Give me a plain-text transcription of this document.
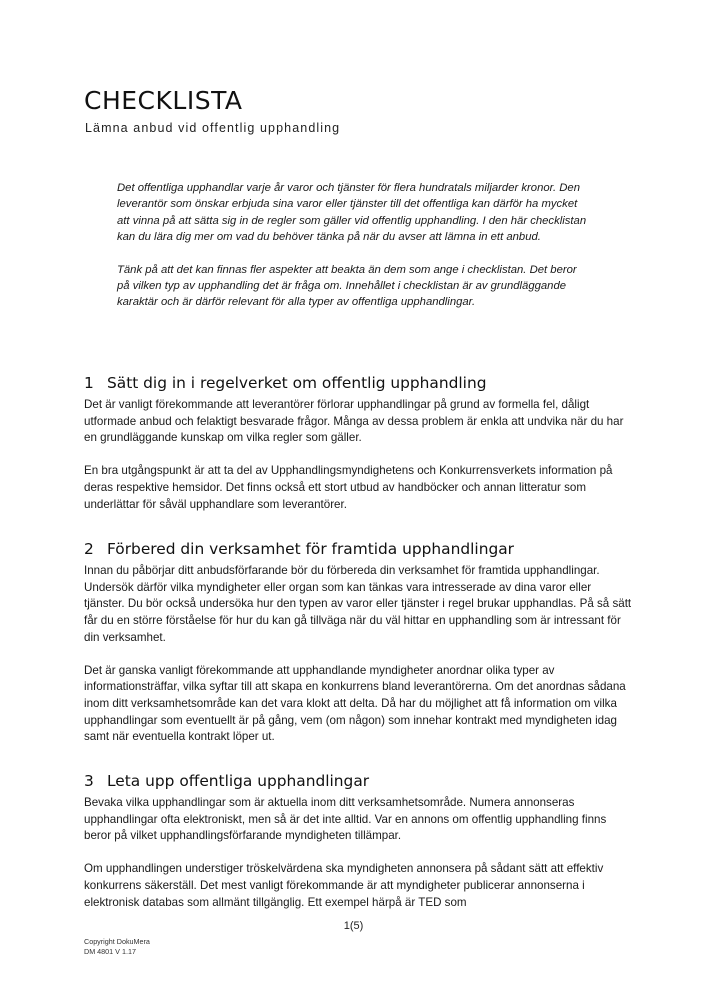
CHECKLISTA
Lämna anbud vid offentlig upphandling

Det offentliga upphandlar varje år varor och tjänster för flera hundratals miljarder kronor. Den leverantör som önskar erbjuda sina varor eller tjänster till det offentliga kan därför ha mycket att vinna på att sätta sig in de regler som gäller vid offentlig upphandling. I den här checklistan kan du lära dig mer om vad du behöver tänka på när du avser att lämna in ett anbud.

Tänk på att det kan finnas fler aspekter att beakta än dem som ange i checklistan. Det beror på vilken typ av upphandling det är fråga om. Innehållet i checklistan är av grundläggande karaktär och är därför relevant för alla typer av offentliga upphandlingar.

1 Sätt dig in i regelverket om offentlig upphandling

Det är vanligt förekommande att leverantörer förlorar upphandlingar på grund av formella fel, dåligt utformade anbud och felaktigt besvarade frågor. Många av dessa problem är enkla att undvika när du har en grundläggande kunskap om vilka regler som gäller.

En bra utgångspunkt är att ta del av Upphandlingsmyndighetens och Konkurrensverkets information på deras respektive hemsidor. Det finns också ett stort utbud av handböcker och annan litteratur som underlättar för såväl upphandlare som leverantörer.

2 Förbered din verksamhet för framtida upphandlingar

Innan du påbörjar ditt anbudsförfarande bör du förbereda din verksamhet för framtida upphandlingar. Undersök därför vilka myndigheter eller organ som kan tänkas vara intresserade av dina varor eller tjänster. Du bör också undersöka hur den typen av varor eller tjänster i regel brukar upphandlas. På så sätt får du en större förståelse för hur du kan gå tillväga när du väl hittar en upphandling som är intressant för din verksamhet.

Det är ganska vanligt förekommande att upphandlande myndigheter anordnar olika typer av informationsträffar, vilka syftar till att skapa en konkurrens bland leverantörerna. Om det anordnas sådana inom ditt verksamhetsområde kan det vara klokt att delta. Då har du möjlighet att få information om vilka upphandlingar som eventuellt är på gång, vem (om någon) som innehar kontrakt med myndigheten idag samt när eventuella kontrakt löper ut.

3 Leta upp offentliga upphandlingar

Bevaka vilka upphandlingar som är aktuella inom ditt verksamhetsområde. Numera annonseras upphandlingar ofta elektroniskt, men så är det inte alltid. Var en annons om offentlig upphandling finns beror på vilket upphandlingsförfarande myndigheten tillämpar.

Om upphandlingen understiger tröskelvärdena ska myndigheten annonsera på sådant sätt att effektiv konkurrens säkerställ. Det mest vanligt förekommande är att myndigheter publicerar annonserna i elektronisk databas som allmänt tillgänglig. Ett exempel härpå är TED som

1(5)
Copyright DokuMera
DM 4801 V 1.17
